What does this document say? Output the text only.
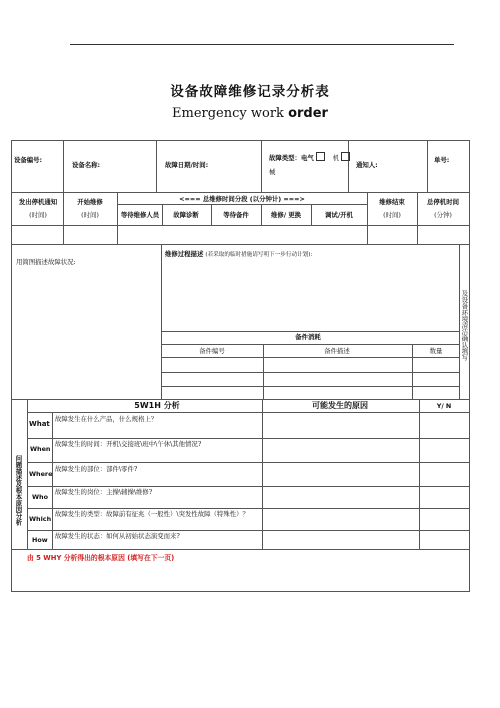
设备故障维修记录分析表
Emergency work order
设备编号:
设备名称:	故障日期/时间:
故障类型：电气	机
械
通知人:
单号:
发出停机通知
(时间)
开始维修
(时间)
<=== 总维修时间分段 (以分钟计) ===>
等待维修人员 故障诊断	等待备件	维修/ 更换	调试/开机
维修结束
(时间)
总停机时间
(分钟)
用简图描述故障状况:
维修过程描述 (若采取的临时措施请写明下一步行动计划):
及设备环境清洁确认填写
备件消耗
备件编号	备件描述	数量
问题描述及根本原因分析
5W1H 分析	可能发生的原因	Y/ N
What
故障发生在什么产品，什么规格上？
When
故障发生的时间：开机\交接班\班中\午休\其他情况?
Where
故障发生的部位：部件\零件?
Who
故障发生的岗位：主操\辅操\维修?
Which
故障发生的类型：故障前有征兆（一般性）\突发性故障（特殊性）？
How 故障发生的状态：如何从初始状态演变而来?
由 5 WHY 分析得出的根本原因 (填写在下一页)
